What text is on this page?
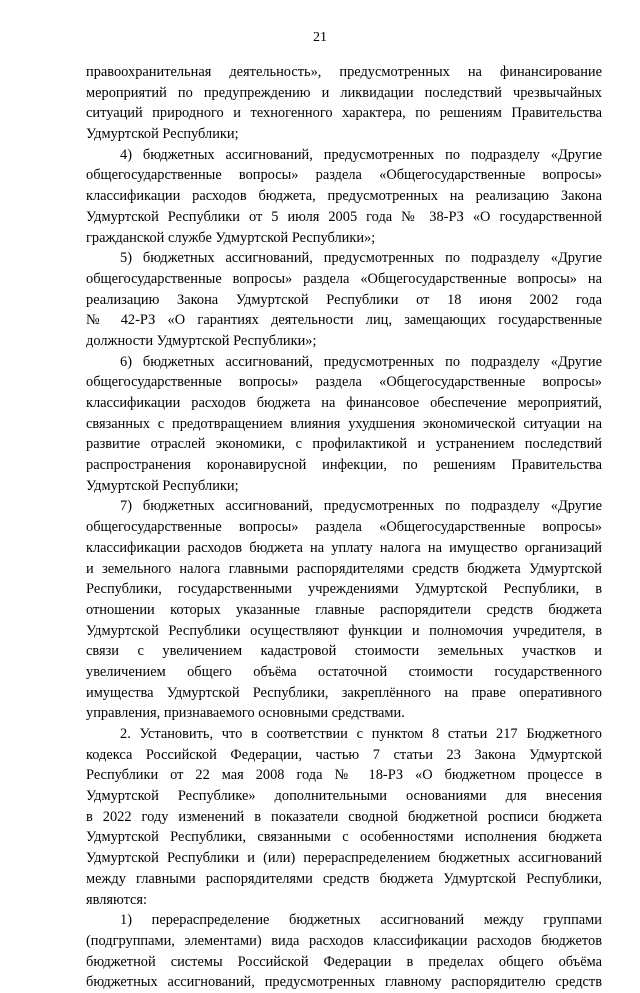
21
правоохранительная деятельность», предусмотренных на финансирование
мероприятий по предупреждению и ликвидации последствий чрезвычайных
ситуаций природного и техногенного характера, по решениям Правительства
Удмуртской Республики;
4) бюджетных ассигнований, предусмотренных по подразделу «Другие
общегосударственные вопросы» раздела «Общегосударственные вопросы»
классификации расходов бюджета, предусмотренных на реализацию Закона
Удмуртской Республики от 5 июля 2005 года № 38-РЗ «О государственной
гражданской службе Удмуртской Республики»;
5) бюджетных ассигнований, предусмотренных по подразделу «Другие
общегосударственные вопросы» раздела «Общегосударственные вопросы» на
реализацию Закона Удмуртской Республики от 18 июня 2002 года
№ 42-РЗ «О гарантиях деятельности лиц, замещающих государственные
должности Удмуртской Республики»;
6) бюджетных ассигнований, предусмотренных по подразделу «Другие
общегосударственные вопросы» раздела «Общегосударственные вопросы»
классификации расходов бюджета на финансовое обеспечение мероприятий,
связанных с предотвращением влияния ухудшения экономической ситуации на
развитие отраслей экономики, с профилактикой и устранением последствий
распространения коронавирусной инфекции, по решениям Правительства
Удмуртской Республики;
7) бюджетных ассигнований, предусмотренных по подразделу «Другие
общегосударственные вопросы» раздела «Общегосударственные вопросы»
классификации расходов бюджета на уплату налога на имущество организаций
и земельного налога главными распорядителями средств бюджета Удмуртской
Республики, государственными учреждениями Удмуртской Республики, в
отношении которых указанные главные распорядители средств бюджета
Удмуртской Республики осуществляют функции и полномочия учредителя, в
связи с увеличением кадастровой стоимости земельных участков и
увеличением общего объёма остаточной стоимости государственного
имущества Удмуртской Республики, закреплённого на праве оперативного
управления, признаваемого основными средствами.
2. Установить, что в соответствии с пунктом 8 статьи 217 Бюджетного
кодекса Российской Федерации, частью 7 статьи 23 Закона Удмуртской
Республики от 22 мая 2008 года № 18-РЗ «О бюджетном процессе в
Удмуртской Республике» дополнительными основаниями для внесения
в 2022 году изменений в показатели сводной бюджетной росписи бюджета
Удмуртской Республики, связанными с особенностями исполнения бюджета
Удмуртской Республики и (или) перераспределением бюджетных ассигнований
между главными распорядителями средств бюджета Удмуртской Республики,
являются:
1) перераспределение бюджетных ассигнований между группами
(подгруппами, элементами) вида расходов классификации расходов бюджетов
бюджетной системы Российской Федерации в пределах общего объёма
бюджетных ассигнований, предусмотренных главному распорядителю средств
